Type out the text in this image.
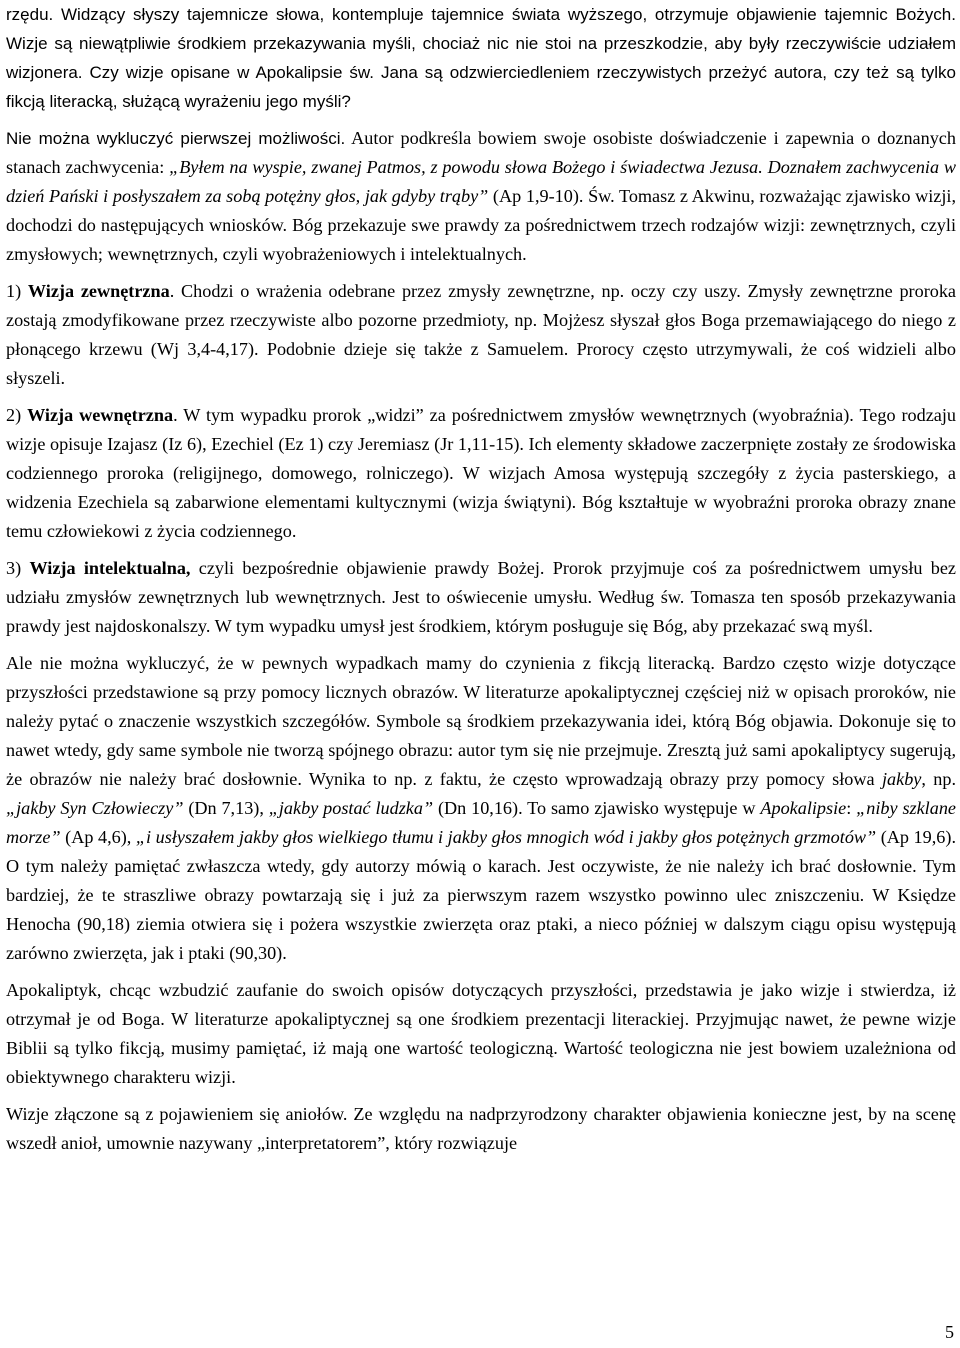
rzędu. Widzący słyszy tajemnicze słowa, kontempluje tajemnice świata wyższego, otrzymuje objawienie tajemnic Bożych. Wizje są niewątpliwie środkiem przekazywania myśli, chociaż nic nie stoi na przeszkodzie, aby były rzeczywiście udziałem wizjonera. Czy wizje opisane w Apokalipsie św. Jana są odzwierciedleniem rzeczywistych przeżyć autora, czy też są tylko fikcją literacką, służącą wyrażeniu jego myśli?

Nie można wykluczyć pierwszej możliwości. Autor podkreśla bowiem swoje osobiste doświadczenie i zapewnia o doznanych stanach zachwycenia: „Byłem na wyspie, zwanej Patmos, z powodu słowa Bożego i świadectwa Jezusa. Doznałem zachwycenia w dzień Pański i posłyszałem za sobą potężny głos, jak gdyby trąby” (Ap 1,9-10). Św. Tomasz z Akwinu, rozważając zjawisko wizji, dochodzi do następujących wniosków. Bóg przekazuje swe prawdy za pośrednictwem trzech rodzajów wizji: zewnętrznych, czyli zmysłowych; wewnętrznych, czyli wyobrażeniowych i intelektualnych.

1) Wizja zewnętrzna. Chodzi o wrażenia odebrane przez zmysły zewnętrzne, np. oczy czy uszy. Zmysły zewnętrzne proroka zostają zmodyfikowane przez rzeczywiste albo pozorne przedmioty, np. Mojżesz słyszał głos Boga przemawiającego do niego z płonącego krzewu (Wj 3,4-4,17). Podobnie dzieje się także z Samuelem. Prorocy często utrzymywali, że coś widzieli albo słyszeli.

2) Wizja wewnętrzna. W tym wypadku prorok „widzi” za pośrednictwem zmysłów wewnętrznych (wyobraźnia). Tego rodzaju wizje opisuje Izajasz (Iz 6), Ezechiel (Ez 1) czy Jeremiasz (Jr 1,11-15). Ich elementy składowe zaczerpnięte zostały ze środowiska codziennego proroka (religijnego, domowego, rolniczego). W wizjach Amosa występują szczegóły z życia pasterskiego, a widzenia Ezechiela są zabarwione elementami kultycznymi (wizja świątyni). Bóg kształtuje w wyobraźni proroka obrazy znane temu człowiekowi z życia codziennego.

3) Wizja intelektualna, czyli bezpośrednie objawienie prawdy Bożej. Prorok przyjmuje coś za pośrednictwem umysłu bez udziału zmysłów zewnętrznych lub wewnętrznych. Jest to oświecenie umysłu. Według św. Tomasza ten sposób przekazywania prawdy jest najdoskonalszy. W tym wypadku umysł jest środkiem, którym posługuje się Bóg, aby przekazać swą myśl.

Ale nie można wykluczyć, że w pewnych wypadkach mamy do czynienia z fikcją literacką. Bardzo często wizje dotyczące przyszłości przedstawione są przy pomocy licznych obrazów. W literaturze apokaliptycznej częściej niż w opisach proroków, nie należy pytać o znaczenie wszystkich szczegółów. Symbole są środkiem przekazywania idei, którą Bóg objawia. Dokonuje się to nawet wtedy, gdy same symbole nie tworzą spójnego obrazu: autor tym się nie przejmuje. Zresztą już sami apokaliptycy sugerują, że obrazów nie należy brać dosłownie. Wynika to np. z faktu, że często wprowadzają obrazy przy pomocy słowa jakby, np. „jakby Syn Człowieczy” (Dn 7,13), „jakby postać ludzka” (Dn 10,16). To samo zjawisko występuje w Apokalipsie: „niby szklane morze” (Ap 4,6), „i usłyszałem jakby głos wielkiego tłumu i jakby głos mnogich wód i jakby głos potężnych grzmotów” (Ap 19,6). O tym należy pamiętać zwłaszcza wtedy, gdy autorzy mówią o karach. Jest oczywiste, że nie należy ich brać dosłownie. Tym bardziej, że te straszliwe obrazy powtarzają się i już za pierwszym razem wszystko powinno ulec zniszczeniu. W Księdze Henocha (90,18) ziemia otwiera się i pożera wszystkie zwierzęta oraz ptaki, a nieco później w dalszym ciągu opisu występują zarówno zwierzęta, jak i ptaki (90,30).

Apokaliptyk, chcąc wzbudzić zaufanie do swoich opisów dotyczących przyszłości, przedstawia je jako wizje i stwierdza, iż otrzymał je od Boga. W literaturze apokaliptycznej są one środkiem prezentacji literackiej. Przyjmując nawet, że pewne wizje Biblii są tylko fikcją, musimy pamiętać, iż mają one wartość teologiczną. Wartość teologiczna nie jest bowiem uzależniona od obiektywnego charakteru wizji.

Wizje złączone są z pojawieniem się aniołów. Ze względu na nadprzyrodzony charakter objawienia konieczne jest, by na scenę wszedł anioł, umownie nazywany „interpretatorem”, który rozwiązuje

5
